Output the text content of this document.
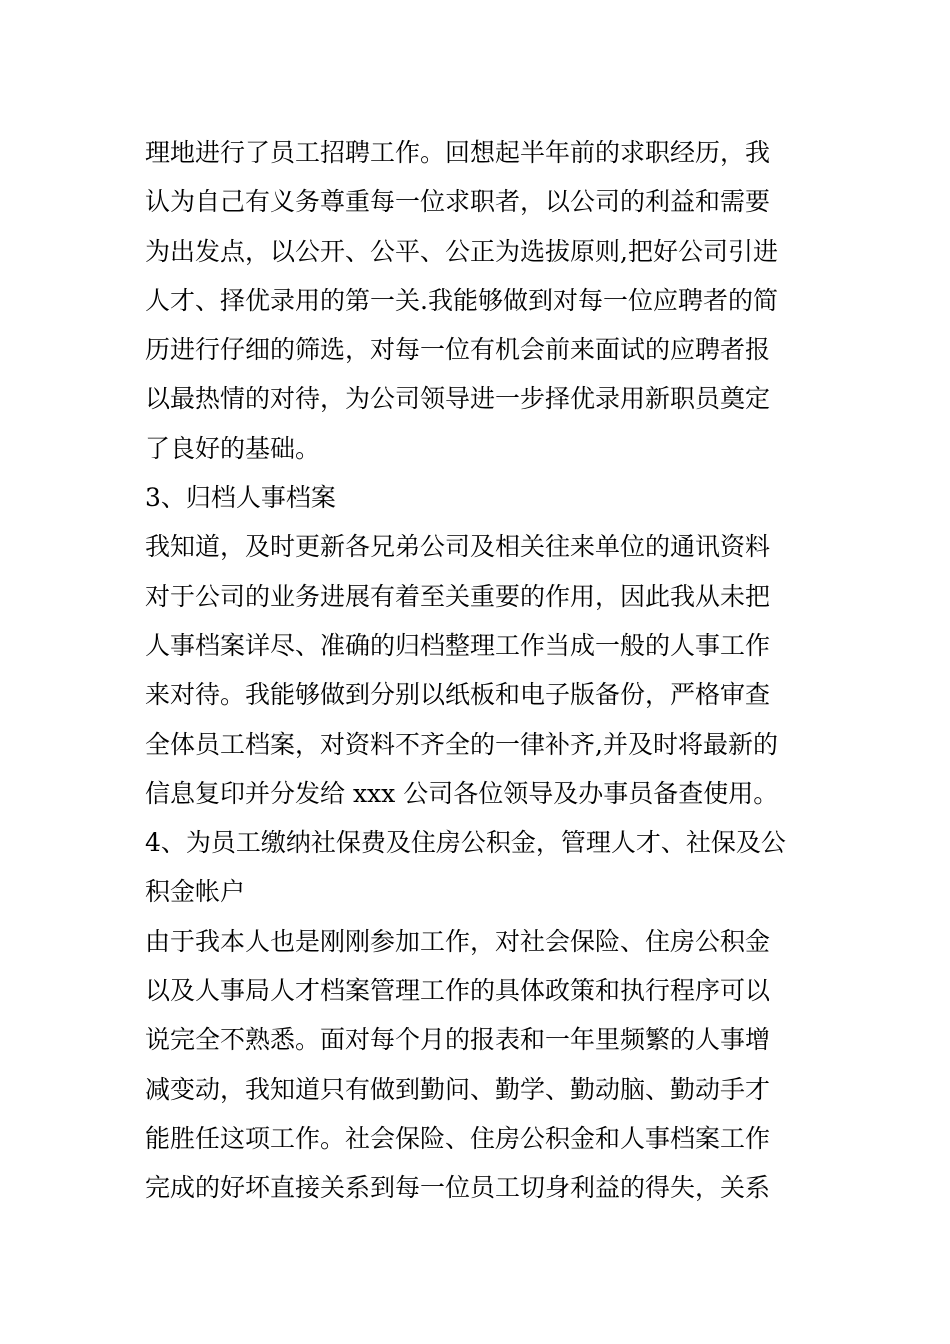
理地进行了员工招聘工作。回想起半年前的求职经历，我
认为自己有义务尊重每一位求职者，以公司的利益和需要
为出发点，以公开、公平、公正为选拔原则,把好公司引进
人才、择优录用的第一关.我能够做到对每一位应聘者的简
历进行仔细的筛选，对每一位有机会前来面试的应聘者报
以最热情的对待，为公司领导进一步择优录用新职员奠定
了良好的基础。
3、归档人事档案
我知道，及时更新各兄弟公司及相关往来单位的通讯资料
对于公司的业务进展有着至关重要的作用，因此我从未把
人事档案详尽、准确的归档整理工作当成一般的人事工作
来对待。我能够做到分别以纸板和电子版备份，严格审查
全体员工档案，对资料不齐全的一律补齐,并及时将最新的
信息复印并分发给 xxx 公司各位领导及办事员备查使用。
4、为员工缴纳社保费及住房公积金，管理人才、社保及公
积金帐户
由于我本人也是刚刚参加工作，对社会保险、住房公积金
以及人事局人才档案管理工作的具体政策和执行程序可以
说完全不熟悉。面对每个月的报表和一年里频繁的人事增
减变动，我知道只有做到勤问、勤学、勤动脑、勤动手才
能胜任这项工作。社会保险、住房公积金和人事档案工作
完成的好坏直接关系到每一位员工切身利益的得失，关系
